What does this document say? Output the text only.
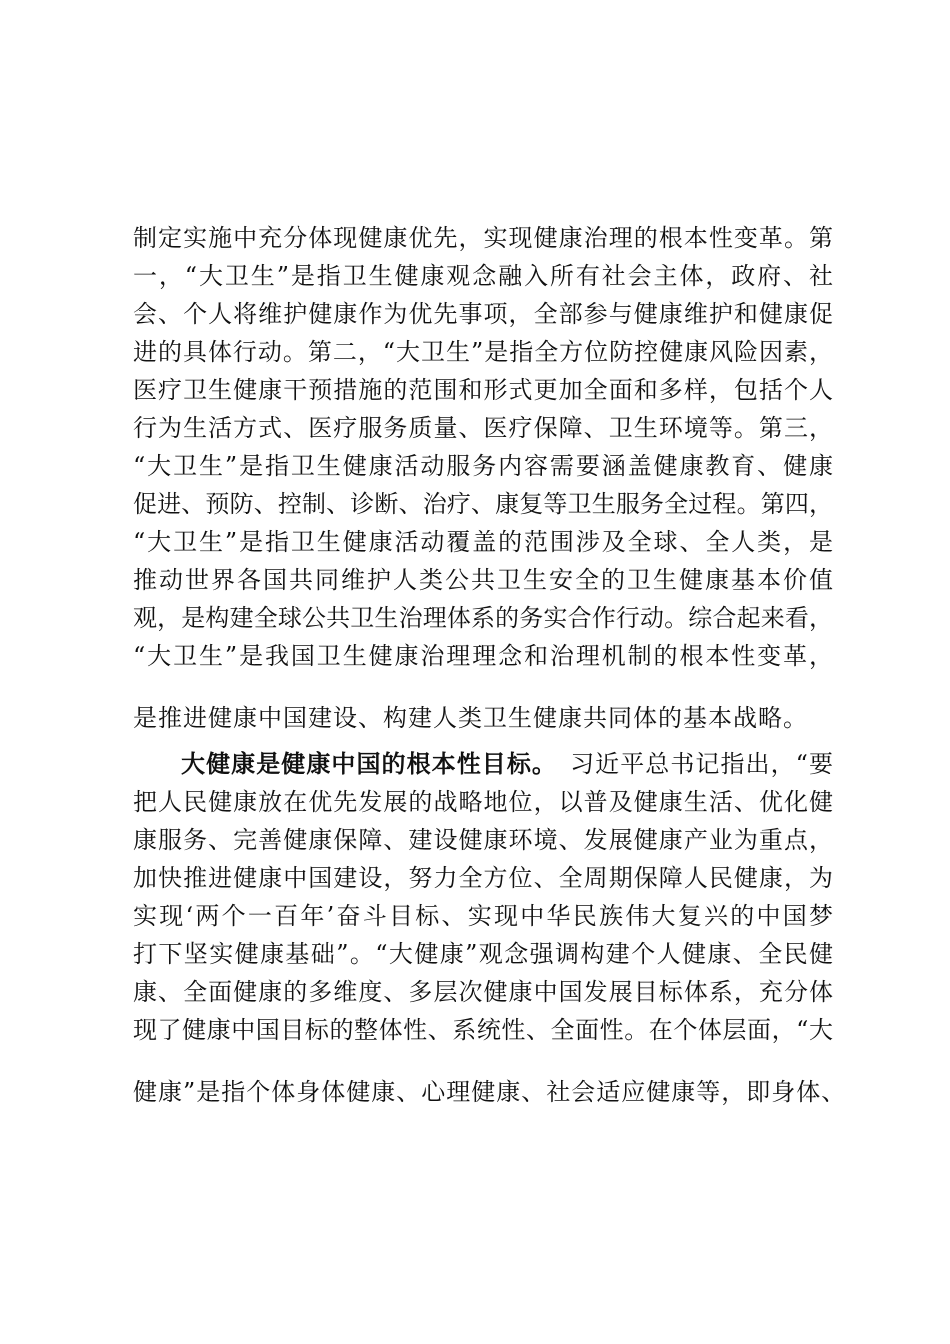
制定实施中充分体现健康优先，实现健康治理的根本性变革。第
一，“大卫生”是指卫生健康观念融入所有社会主体，政府、社
会、个人将维护健康作为优先事项，全部参与健康维护和健康促
进的具体行动。第二，“大卫生”是指全方位防控健康风险因素，
医疗卫生健康干预措施的范围和形式更加全面和多样，包括个人
行为生活方式、医疗服务质量、医疗保障、卫生环境等。第三，
“大卫生”是指卫生健康活动服务内容需要涵盖健康教育、健康
促进、预防、控制、诊断、治疗、康复等卫生服务全过程。第四，
“大卫生”是指卫生健康活动覆盖的范围涉及全球、全人类，是
推动世界各国共同维护人类公共卫生安全的卫生健康基本价值
观，是构建全球公共卫生治理体系的务实合作行动。综合起来看，
“大卫生”是我国卫生健康治理理念和治理机制的根本性变革，
是推进健康中国建设、构建人类卫生健康共同体的基本战略。
大健康是健康中国的根本性目标。 习近平总书记指出，“要
把人民健康放在优先发展的战略地位，以普及健康生活、优化健
康服务、完善健康保障、建设健康环境、发展健康产业为重点，
加快推进健康中国建设，努力全方位、全周期保障人民健康，为
实现‘两个一百年’奋斗目标、实现中华民族伟大复兴的中国梦
打下坚实健康基础”。“大健康”观念强调构建个人健康、全民健
康、全面健康的多维度、多层次健康中国发展目标体系，充分体
现了健康中国目标的整体性、系统性、全面性。在个体层面，“大
健康”是指个体身体健康、心理健康、社会适应健康等，即身体、
